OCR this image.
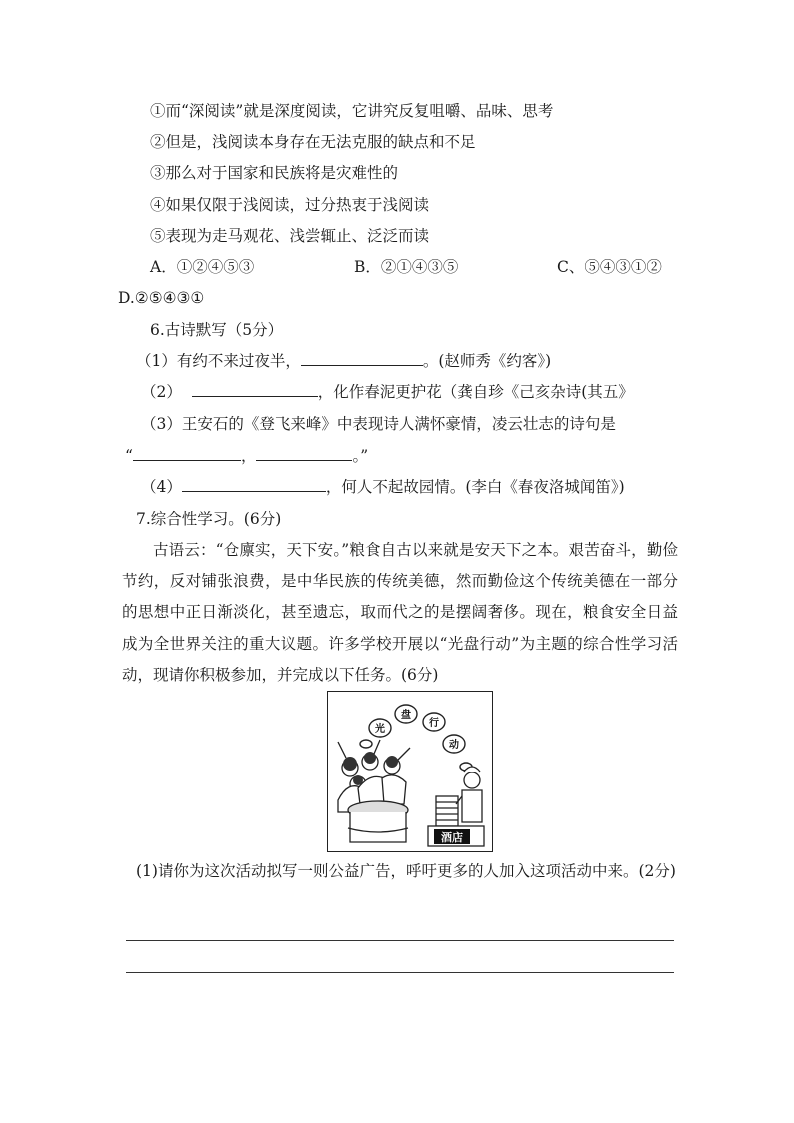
①而“深阅读”就是深度阅读，它讲究反复咀嚼、品味、思考
②但是，浅阅读本身存在无法克服的缺点和不足
③那么对于国家和民族将是灾难性的
④如果仅限于浅阅读，过分热衷于浅阅读
⑤表现为走马观花、浅尝辄止、泛泛而读
A．①②④⑤③	B．②①④③⑤	C、⑤④③①②
D.②⑤④③①
6.古诗默写（5分）
（1）有约不来过夜半，	。(赵师秀《约客》)
（2）	，化作春泥更护花（龚自珍《己亥杂诗(其五》
（3）王安石的《登飞来峰》中表现诗人满怀豪情，凌云壮志的诗句是
“	，	。”
（4）	，何人不起故园情。(李白《春夜洛城闻笛》)
7.综合性学习。(6分)
古语云：“仓廪实，天下安。”粮食自古以来就是安天下之本。艰苦奋斗，勤俭节约，反对铺张浪费，是中华民族的传统美德，然而勤俭这个传统美德在一部分的思想中正日渐淡化，甚至遗忘，取而代之的是摆阔奢侈。现在，粮食安全日益成为全世界关注的重大议题。许多学校开展以“光盘行动”为主题的综合性学习活动，现请你积极参加，并完成以下任务。(6分)
光
盘
行
动
酒店
(1)请你为这次活动拟写一则公益广告，呼吁更多的人加入这项活动中来。(2分)
